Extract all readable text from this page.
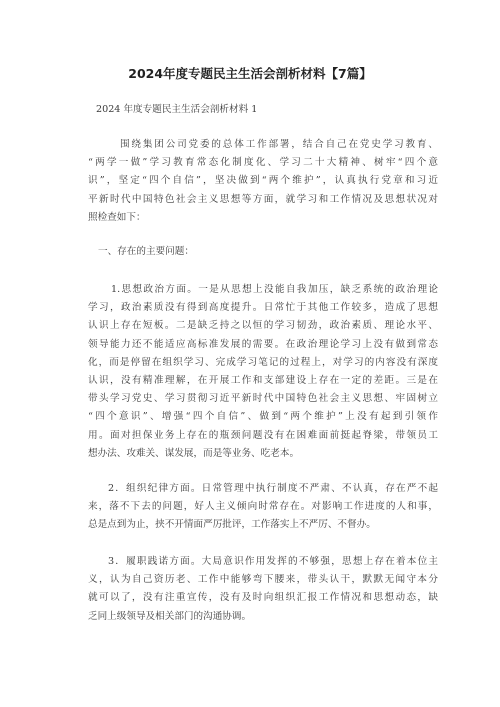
2024年度专题民主生活会剖析材料【7篇】
2024 年度专题民主生活会剖析材料 1
围绕集团公司党委的总体工作部署，结合自己在党史学习教育、
“两学一做”学习教育常态化制度化、学习二十大精神、树牢“四个意
识”，坚定“四个自信”，坚决做到“两个维护”，认真执行党章和习近
平新时代中国特色社会主义思想等方面，就学习和工作情况及思想状况对
照检查如下：
一、存在的主要问题：
1.思想政治方面。一是从思想上没能自我加压，缺乏系统的政治理论
学习，政治素质没有得到高度提升。日常忙于其他工作较多，造成了思想
认识上存在短板。二是缺乏持之以恒的学习韧劲，政治素质、理论水平、
领导能力还不能适应高标准发展的需要。在政治理论学习上没有做到常态
化，而是停留在组织学习、完成学习笔记的过程上，对学习的内容没有深度
认识，没有精准理解，在开展工作和支部建设上存在一定的差距。三是在
带头学习党史、学习贯彻习近平新时代中国特色社会主义思想、牢固树立
“四个意识”、增强“四个自信”、做到“两个维护”上没有起到引领作
用。面对担保业务上存在的瓶颈问题没有在困难面前挺起脊梁，带领员工
想办法、攻难关、谋发展，而是等业务、吃老本。
2．组织纪律方面。日常管理中执行制度不严肃、不认真，存在严不起
来，落不下去的问题，好人主义倾向时常存在。对影响工作进度的人和事，
总是点到为止，挟不开情面严厉批评，工作落实上不严厉、不督办。
3．履职践诺方面。大局意识作用发挥的不够强，思想上存在着本位主
义，认为自己资历老、工作中能够弯下腰来，带头认干，默默无闻守本分
就可以了，没有注重宣传，没有及时向组织汇报工作情况和思想动态，缺
乏同上级领导及相关部门的沟通协调。
